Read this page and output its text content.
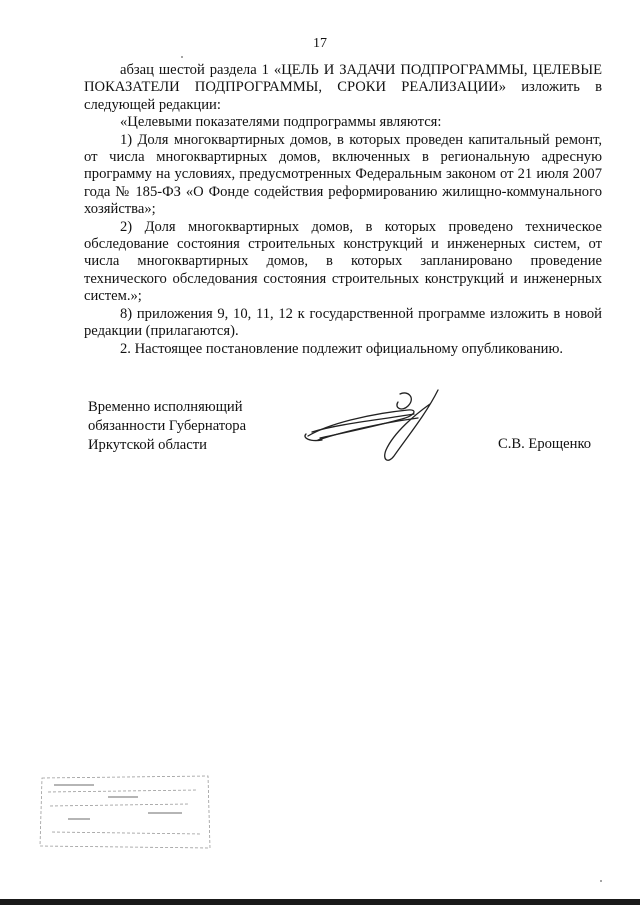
17

абзац шестой раздела 1 «ЦЕЛЬ И ЗАДАЧИ ПОДПРОГРАММЫ, ЦЕЛЕВЫЕ ПОКАЗАТЕЛИ ПОДПРОГРАММЫ, СРОКИ РЕАЛИЗАЦИИ» изложить в следующей редакции:

«Целевыми показателями подпрограммы являются:

1) Доля многоквартирных домов, в которых проведен капитальный ремонт, от числа многоквартирных домов, включенных в региональную адресную программу на условиях, предусмотренных Федеральным законом от 21 июля 2007 года № 185-ФЗ «О Фонде содействия реформированию жилищно-коммунального хозяйства»;

2) Доля многоквартирных домов, в которых проведено техническое обследование состояния строительных конструкций и инженерных систем, от числа многоквартирных домов, в которых запланировано проведение технического обследования состояния строительных конструкций и инженерных систем.»;

8) приложения 9, 10, 11, 12 к государственной программе изложить в новой редакции (прилагаются).

2. Настоящее постановление подлежит официальному опубликованию.

Временно исполняющий
обязанности Губернатора
Иркутской области	С.В. Ерощенко
